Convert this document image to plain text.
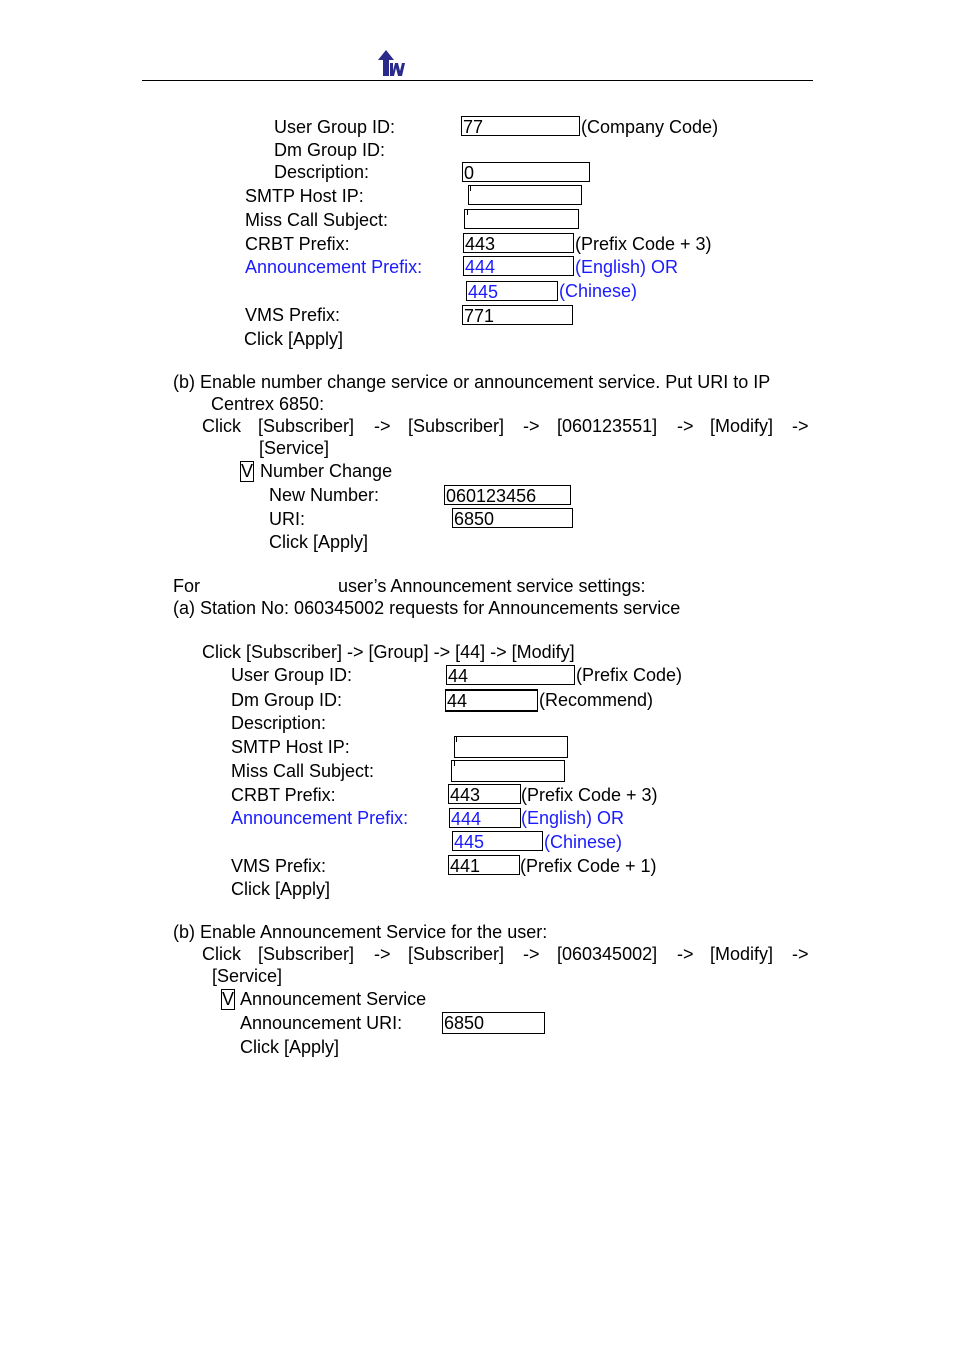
User Group ID:	77	(Company Code)
Dm Group ID:
Description:	0
SMTP Host IP:
Miss Call Subject:
CRBT Prefix:	443	(Prefix Code + 3)
Announcement Prefix: 444	(English) OR
445	(Chinese)
VMS Prefix:	771
Click [Apply]
(b) Enable number change service or announcement service. Put URI to IP
Centrex 6850:
Click [Subscriber] -> [Subscriber] -> [060123551] -> [Modify] ->
[Service]
V Number Change
New Number:	060123456
URI:	6850
Click [Apply]
For	user’s Announcement service settings:
(a) Station No: 060345002 requests for Announcements service
Click [Subscriber] -> [Group] -> [44] -> [Modify]
User Group ID:	44	(Prefix Code)
Dm Group ID:	44	(Recommend)
Description:
SMTP Host IP:
Miss Call Subject:
CRBT Prefix:	443	(Prefix Code + 3)
Announcement Prefix: 444	(English) OR
445	(Chinese)
VMS Prefix:	441	(Prefix Code + 1)
Click [Apply]
(b) Enable Announcement Service for the user:
Click [Subscriber] -> [Subscriber] -> [060345002] -> [Modify] ->
[Service]
V Announcement Service
Announcement URI: 6850
Click [Apply]
